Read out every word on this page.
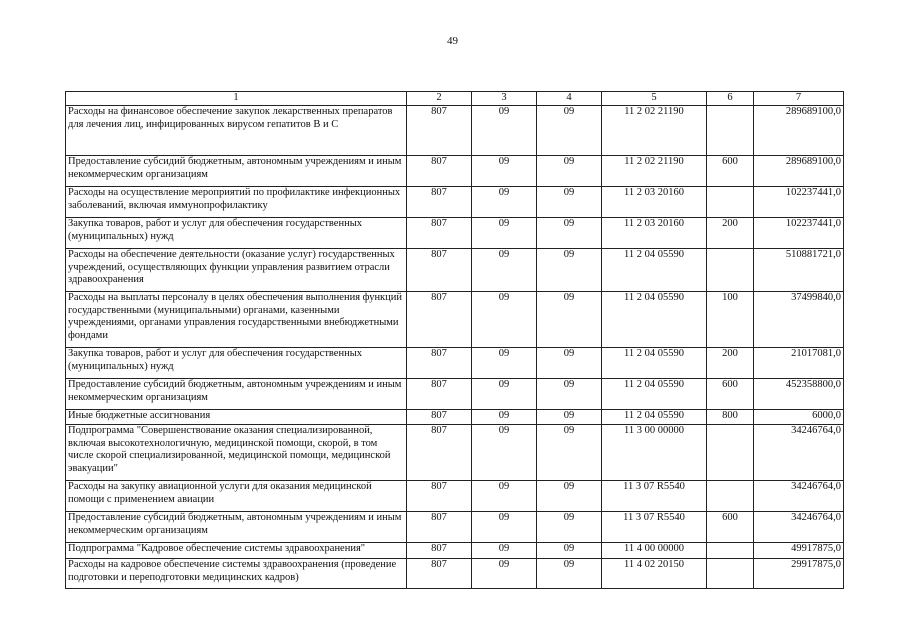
49
1	2	3	4	5	6	7
Расходы на финансовое обеспечение закупок лекарственных препаратов для лечения лиц, инфицированных вирусом гепатитов В и С	807	09	09	11 2 02 21190		289689100,0
Предоставление субсидий бюджетным, автономным учреждениям и иным некоммерческим организациям	807	09	09	11 2 02 21190	600	289689100,0
Расходы на осуществление мероприятий по профилактике инфекционных заболеваний, включая иммунопрофилактику	807	09	09	11 2 03 20160		102237441,0
Закупка товаров, работ и услуг для обеспечения государственных (муниципальных) нужд	807	09	09	11 2 03 20160	200	102237441,0
Расходы на обеспечение деятельности (оказание услуг) государственных учреждений, осуществляющих функции управления развитием отрасли здравоохранения	807	09	09	11 2 04 05590		510881721,0
Расходы на выплаты персоналу в целях обеспечения выполнения функций государственными (муниципальными) органами, казенными учреждениями, органами управления государственными внебюджетными фондами	807	09	09	11 2 04 05590	100	37499840,0
Закупка товаров, работ и услуг для обеспечения государственных (муниципальных) нужд	807	09	09	11 2 04 05590	200	21017081,0
Предоставление субсидий бюджетным, автономным учреждениям и иным некоммерческим организациям	807	09	09	11 2 04 05590	600	452358800,0
Иные бюджетные ассигнования	807	09	09	11 2 04 05590	800	6000,0
Подпрограмма "Совершенствование оказания специализированной, включая высокотехнологичную, медицинской помощи, скорой, в том числе скорой специализированной, медицинской помощи, медицинской эвакуации"	807	09	09	11 3 00 00000		34246764,0
Расходы на закупку авиационной услуги для оказания медицинской помощи с применением авиации	807	09	09	11 3 07 R5540		34246764,0
Предоставление субсидий бюджетным, автономным учреждениям и иным некоммерческим организациям	807	09	09	11 3 07 R5540	600	34246764,0
Подпрограмма "Кадровое обеспечение системы здравоохранения"	807	09	09	11 4 00 00000		49917875,0
Расходы на кадровое обеспечение системы здравоохранения (проведение подготовки и переподготовки медицинских кадров)	807	09	09	11 4 02 20150		29917875,0
